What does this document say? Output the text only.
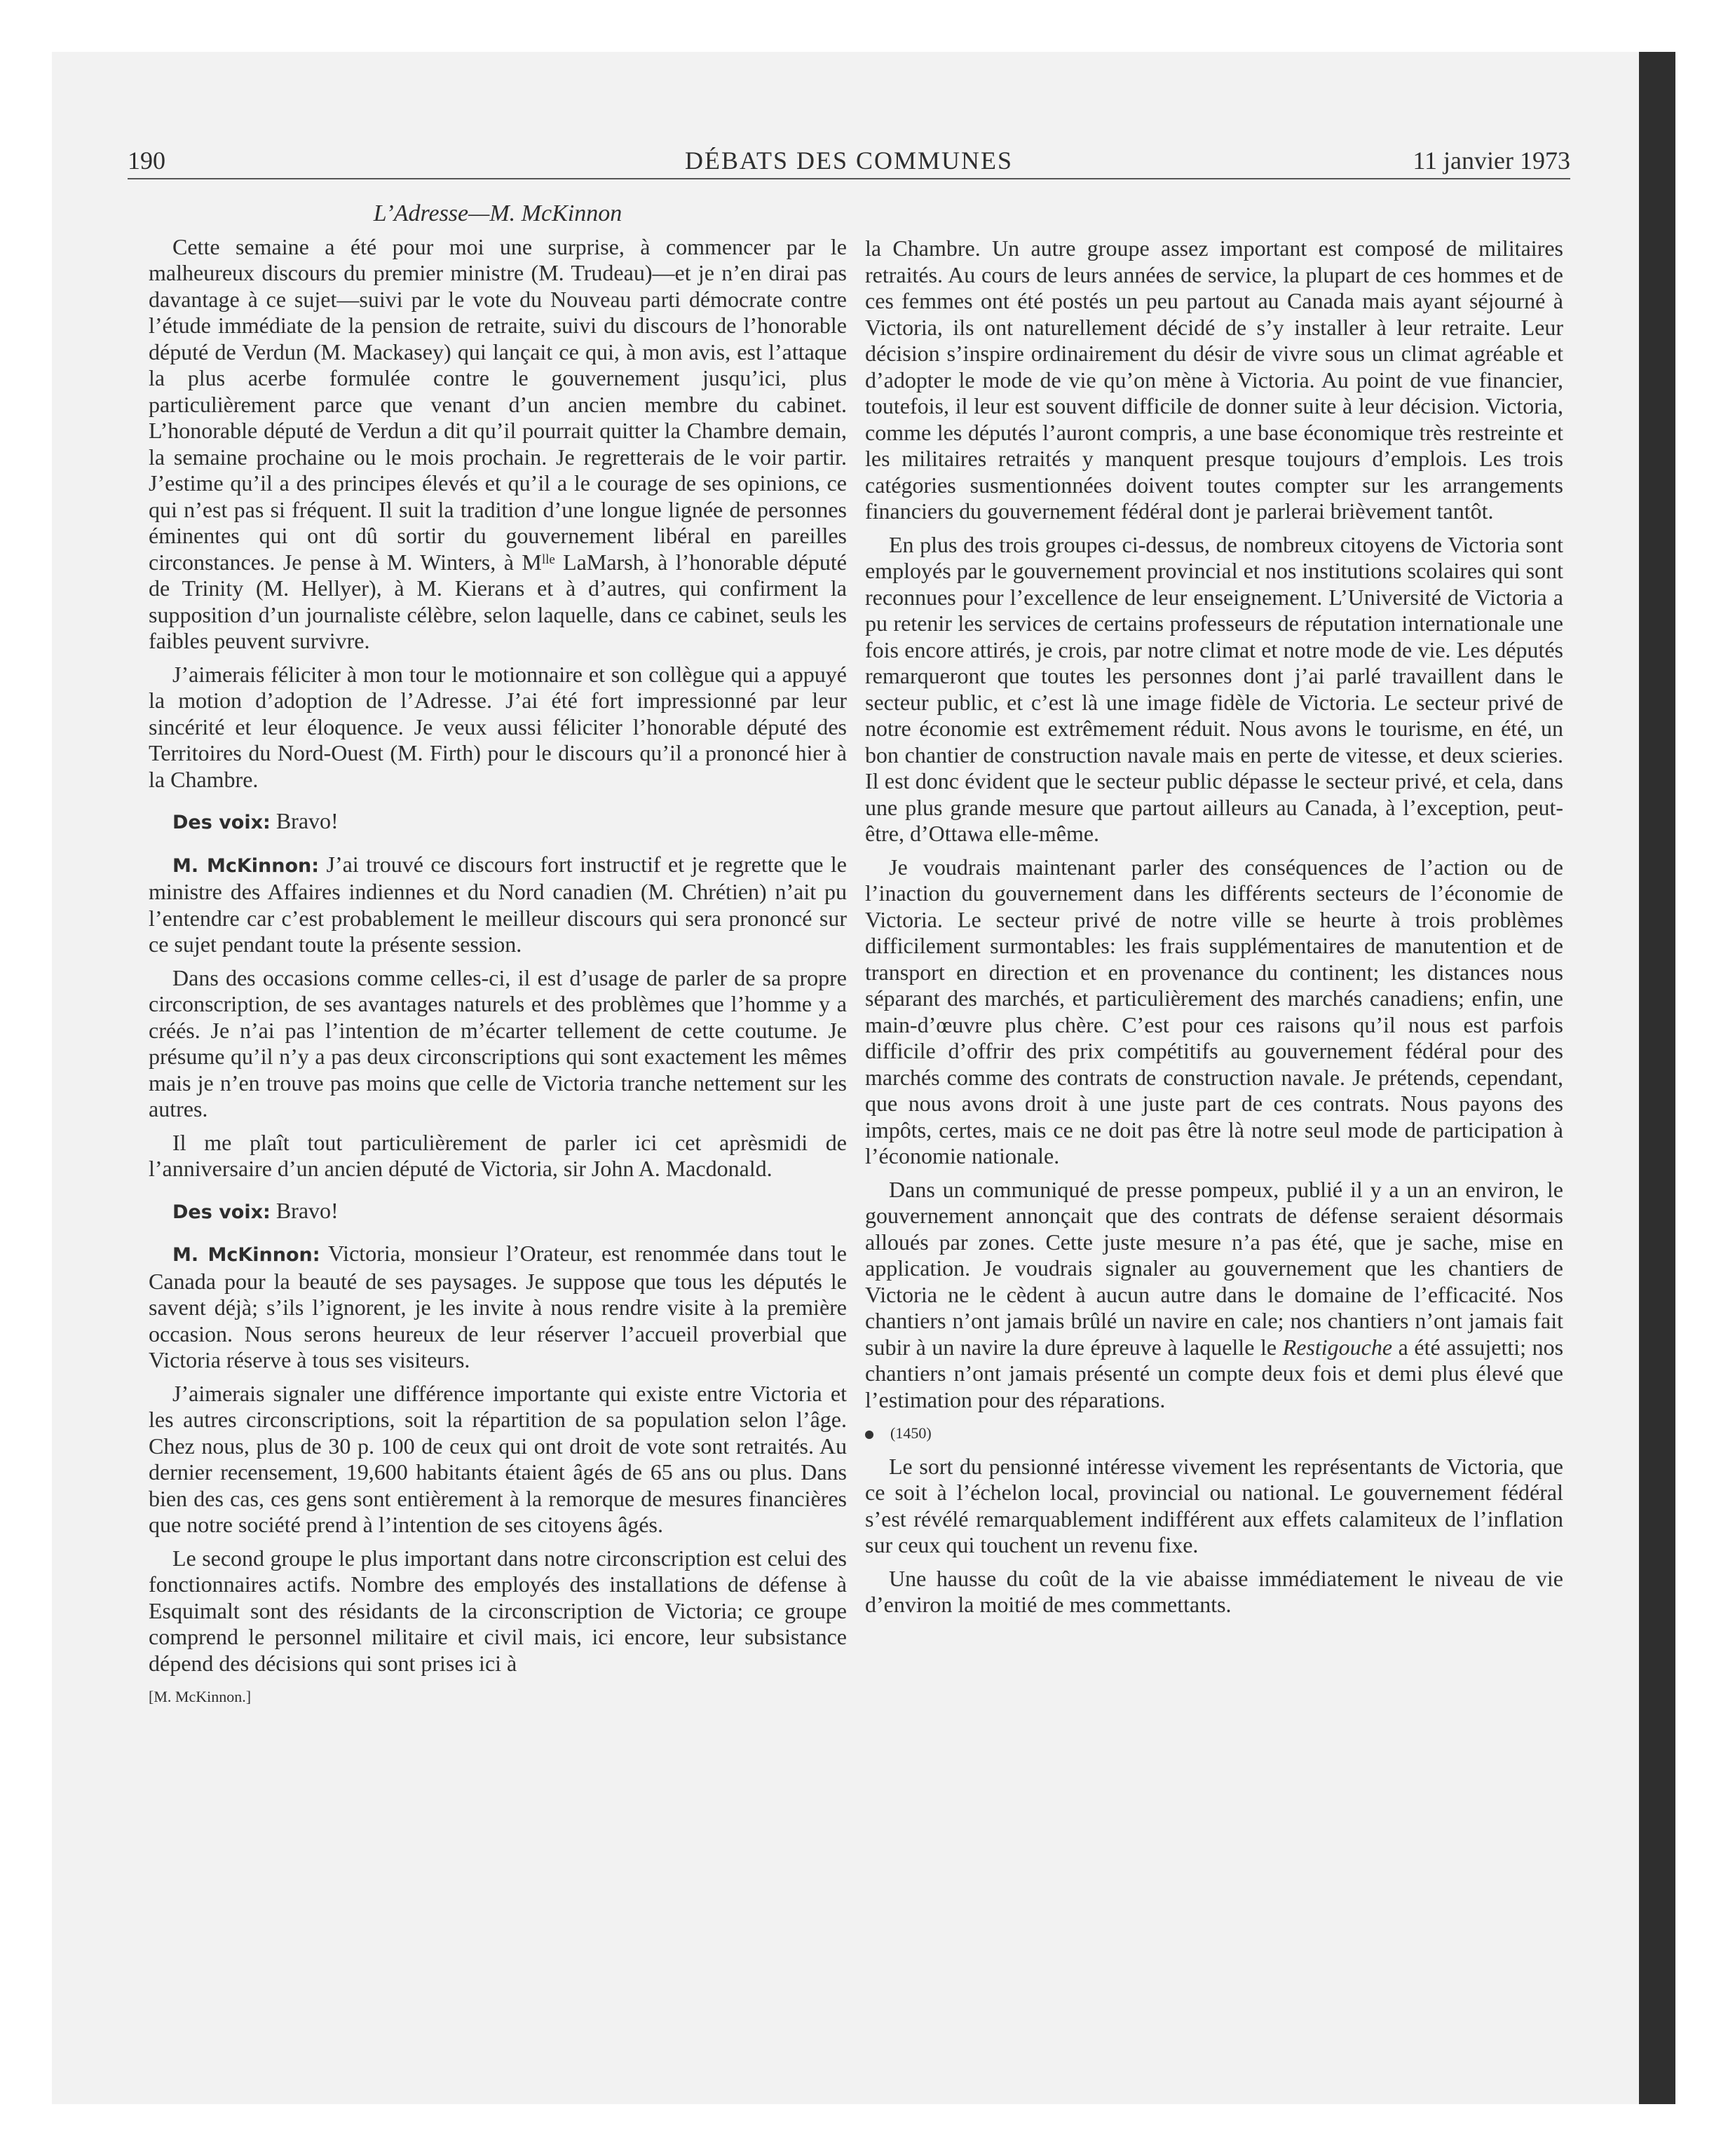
190	DÉBATS DES COMMUNES	11 janvier 1973
L’Adresse—M. McKinnon

Cette semaine a été pour moi une surprise, à commencer par le malheureux discours du premier ministre (M. Trudeau)—et je n’en dirai pas davantage à ce sujet—suivi par le vote du Nouveau parti démocrate contre l’étude immédiate de la pension de retraite, suivi du discours de l’honorable député de Verdun (M. Mackasey) qui lançait ce qui, à mon avis, est l’attaque la plus acerbe formulée contre le gouvernement jusqu’ici, plus particulièrement parce que venant d’un ancien membre du cabinet. L’honorable député de Verdun a dit qu’il pourrait quitter la Chambre demain, la semaine prochaine ou le mois prochain. Je regretterais de le voir partir. J’estime qu’il a des principes élevés et qu’il a le courage de ses opinions, ce qui n’est pas si fréquent. Il suit la tradition d’une longue lignée de personnes éminentes qui ont dû sortir du gouvernement libéral en pareilles circonstances. Je pense à M. Winters, à Mˡˡᵉ LaMarsh, à l’honorable député de Trinity (M. Hellyer), à M. Kierans et à d’autres, qui confirment la supposition d’un journaliste célèbre, selon laquelle, dans ce cabinet, seuls les faibles peuvent survivre.

J’aimerais féliciter à mon tour le motionnaire et son collègue qui a appuyé la motion d’adoption de l’Adresse. J’ai été fort impressionné par leur sincérité et leur éloquence. Je veux aussi féliciter l’honorable député des Territoires du Nord-Ouest (M. Firth) pour le discours qu’il a prononcé hier à la Chambre.

Des voix: Bravo!

M. McKinnon: J’ai trouvé ce discours fort instructif et je regrette que le ministre des Affaires indiennes et du Nord canadien (M. Chrétien) n’ait pu l’entendre car c’est probablement le meilleur discours qui sera prononcé sur ce sujet pendant toute la présente session.

Dans des occasions comme celles-ci, il est d’usage de parler de sa propre circonscription, de ses avantages naturels et des problèmes que l’homme y a créés. Je n’ai pas l’intention de m’écarter tellement de cette coutume. Je présume qu’il n’y a pas deux circonscriptions qui sont exactement les mêmes mais je n’en trouve pas moins que celle de Victoria tranche nettement sur les autres.

Il me plaît tout particulièrement de parler ici cet aprèsmidi de l’anniversaire d’un ancien député de Victoria, sir John A. Macdonald.

Des voix: Bravo!

M. McKinnon: Victoria, monsieur l’Orateur, est renommée dans tout le Canada pour la beauté de ses paysages. Je suppose que tous les députés le savent déjà; s’ils l’ignorent, je les invite à nous rendre visite à la première occasion. Nous serons heureux de leur réserver l’accueil proverbial que Victoria réserve à tous ses visiteurs.

J’aimerais signaler une différence importante qui existe entre Victoria et les autres circonscriptions, soit la répartition de sa population selon l’âge. Chez nous, plus de 30 p. 100 de ceux qui ont droit de vote sont retraités. Au dernier recensement, 19,600 habitants étaient âgés de 65 ans ou plus. Dans bien des cas, ces gens sont entièrement à la remorque de mesures financières que notre société prend à l’intention de ses citoyens âgés.

Le second groupe le plus important dans notre circonscription est celui des fonctionnaires actifs. Nombre des employés des installations de défense à Esquimalt sont des résidants de la circonscription de Victoria; ce groupe comprend le personnel militaire et civil mais, ici encore, leur subsistance dépend des décisions qui sont prises ici à

[M. McKinnon.]

la Chambre. Un autre groupe assez important est composé de militaires retraités. Au cours de leurs années de service, la plupart de ces hommes et de ces femmes ont été postés un peu partout au Canada mais ayant séjourné à Victoria, ils ont naturellement décidé de s’y installer à leur retraite. Leur décision s’inspire ordinairement du désir de vivre sous un climat agréable et d’adopter le mode de vie qu’on mène à Victoria. Au point de vue financier, toutefois, il leur est souvent difficile de donner suite à leur décision. Victoria, comme les députés l’auront compris, a une base économique très restreinte et les militaires retraités y manquent presque toujours d’emplois. Les trois catégories susmentionnées doivent toutes compter sur les arrangements financiers du gouvernement fédéral dont je parlerai brièvement tantôt.

En plus des trois groupes ci-dessus, de nombreux citoyens de Victoria sont employés par le gouvernement provincial et nos institutions scolaires qui sont reconnues pour l’excellence de leur enseignement. L’Université de Victoria a pu retenir les services de certains professeurs de réputation internationale une fois encore attirés, je crois, par notre climat et notre mode de vie. Les députés remarqueront que toutes les personnes dont j’ai parlé travaillent dans le secteur public, et c’est là une image fidèle de Victoria. Le secteur privé de notre économie est extrêmement réduit. Nous avons le tourisme, en été, un bon chantier de construction navale mais en perte de vitesse, et deux scieries. Il est donc évident que le secteur public dépasse le secteur privé, et cela, dans une plus grande mesure que partout ailleurs au Canada, à l’exception, peut-être, d’Ottawa elle-même.

Je voudrais maintenant parler des conséquences de l’action ou de l’inaction du gouvernement dans les différents secteurs de l’économie de Victoria. Le secteur privé de notre ville se heurte à trois problèmes difficilement surmontables: les frais supplémentaires de manutention et de transport en direction et en provenance du continent; les distances nous séparant des marchés, et particulièrement des marchés canadiens; enfin, une main-d’œuvre plus chère. C’est pour ces raisons qu’il nous est parfois difficile d’offrir des prix compétitifs au gouvernement fédéral pour des marchés comme des contrats de construction navale. Je prétends, cependant, que nous avons droit à une juste part de ces contrats. Nous payons des impôts, certes, mais ce ne doit pas être là notre seul mode de participation à l’économie nationale.

Dans un communiqué de presse pompeux, publié il y a un an environ, le gouvernement annonçait que des contrats de défense seraient désormais alloués par zones. Cette juste mesure n’a pas été, que je sache, mise en application. Je voudrais signaler au gouvernement que les chantiers de Victoria ne le cèdent à aucun autre dans le domaine de l’efficacité. Nos chantiers n’ont jamais brûlé un navire en cale; nos chantiers n’ont jamais fait subir à un navire la dure épreuve à laquelle le Restigouche a été assujetti; nos chantiers n’ont jamais présenté un compte deux fois et demi plus élevé que l’estimation pour des réparations.

(1450)

Le sort du pensionné intéresse vivement les représentants de Victoria, que ce soit à l’échelon local, provincial ou national. Le gouvernement fédéral s’est révélé remarquablement indifférent aux effets calamiteux de l’inflation sur ceux qui touchent un revenu fixe.

Une hausse du coût de la vie abaisse immédiatement le niveau de vie d’environ la moitié de mes commettants.
